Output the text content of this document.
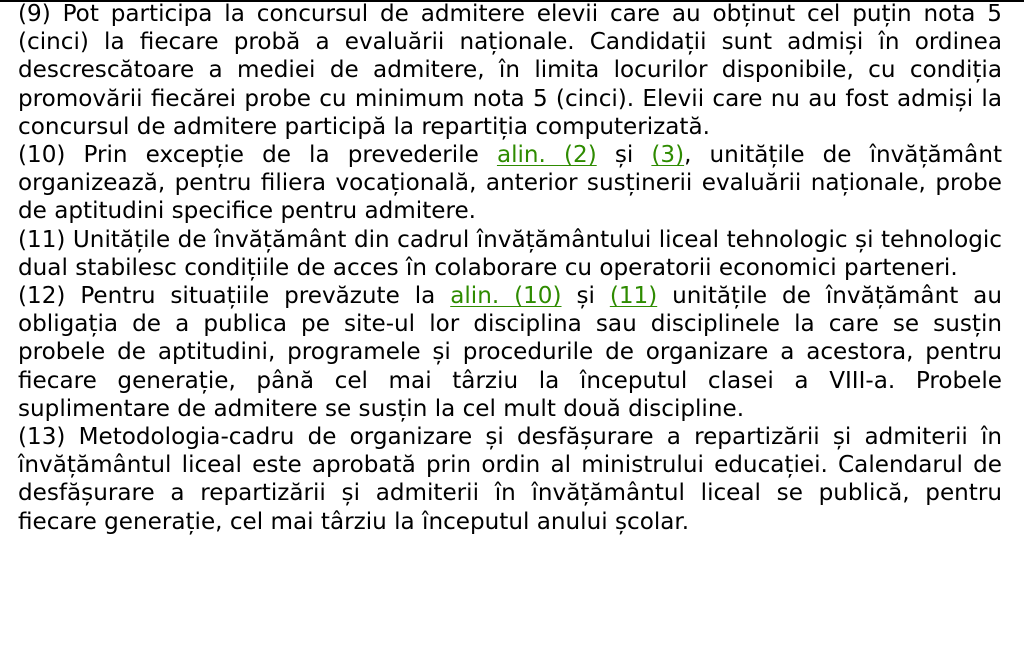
(9) Pot participa la concursul de admitere elevii care au obținut cel puțin nota 5 (cinci) la fiecare probă a evaluării naționale. Candidații sunt admiși în ordinea descrescătoare a mediei de admitere, în limita locurilor disponibile, cu condiția promovării fiecărei probe cu minimum nota 5 (cinci). Elevii care nu au fost admiși la concursul de admitere participă la repartiția computerizată.

(10) Prin excepție de la prevederile alin. (2) și (3), unitățile de învățământ organizează, pentru filiera vocațională, anterior susținerii evaluării naționale, probe de aptitudini specifice pentru admitere.

(11) Unitățile de învățământ din cadrul învățământului liceal tehnologic și tehnologic dual stabilesc condițiile de acces în colaborare cu operatorii economici parteneri.

(12) Pentru situațiile prevăzute la alin. (10) și (11) unitățile de învățământ au obligația de a publica pe site-ul lor disciplina sau disciplinele la care se susțin probele de aptitudini, programele și procedurile de organizare a acestora, pentru fiecare generație, până cel mai târziu la începutul clasei a VIII-a. Probele suplimentare de admitere se susțin la cel mult două discipline.

(13) Metodologia-cadru de organizare și desfășurare a repartizării și admiterii în învățământul liceal este aprobată prin ordin al ministrului educației. Calendarul de desfășurare a repartizării și admiterii în învățământul liceal se publică, pentru fiecare generație, cel mai târziu la începutul anului școlar.
